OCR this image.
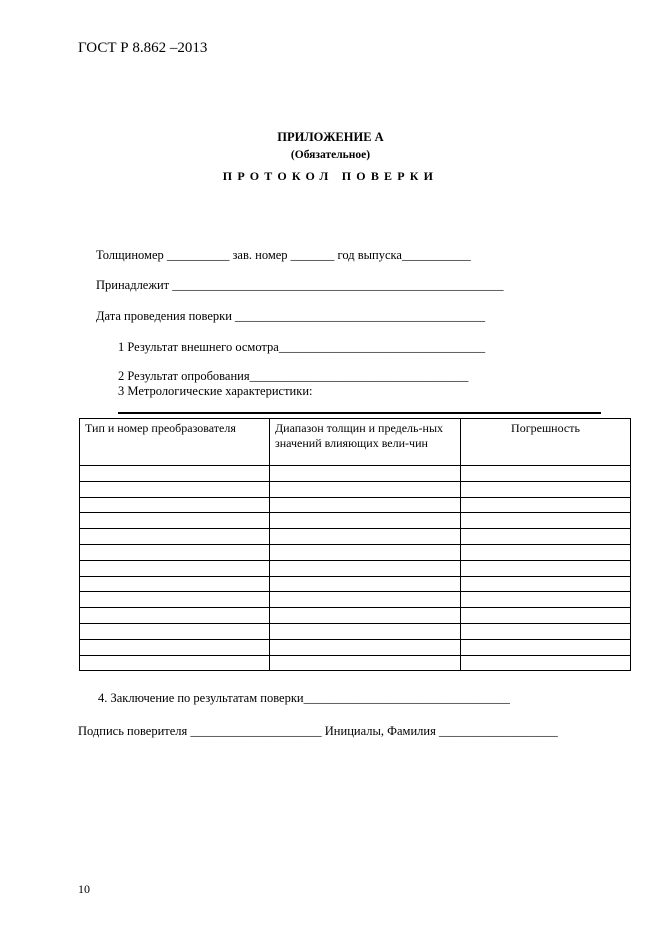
ГОСТ Р 8.862 –2013
ПРИЛОЖЕНИЕ А
(Обязательное)
ПРОТОКОЛ ПОВЕРКИ
Толщиномер __________ зав. номер _______ год выпуска___________
Принадлежит _____________________________________________________
Дата проведения поверки ________________________________________
1 Результат внешнего осмотра_________________________________
2 Результат опробования___________________________________
3 Метрологические характеристики:
Тип и номер преобразователя	Диапазон толщин и предель-ных значений влияющих вели-чин	Погрешность

4. Заключение по результатам поверки_________________________________
Подпись поверителя _____________________ Инициалы, Фамилия ___________________
10
